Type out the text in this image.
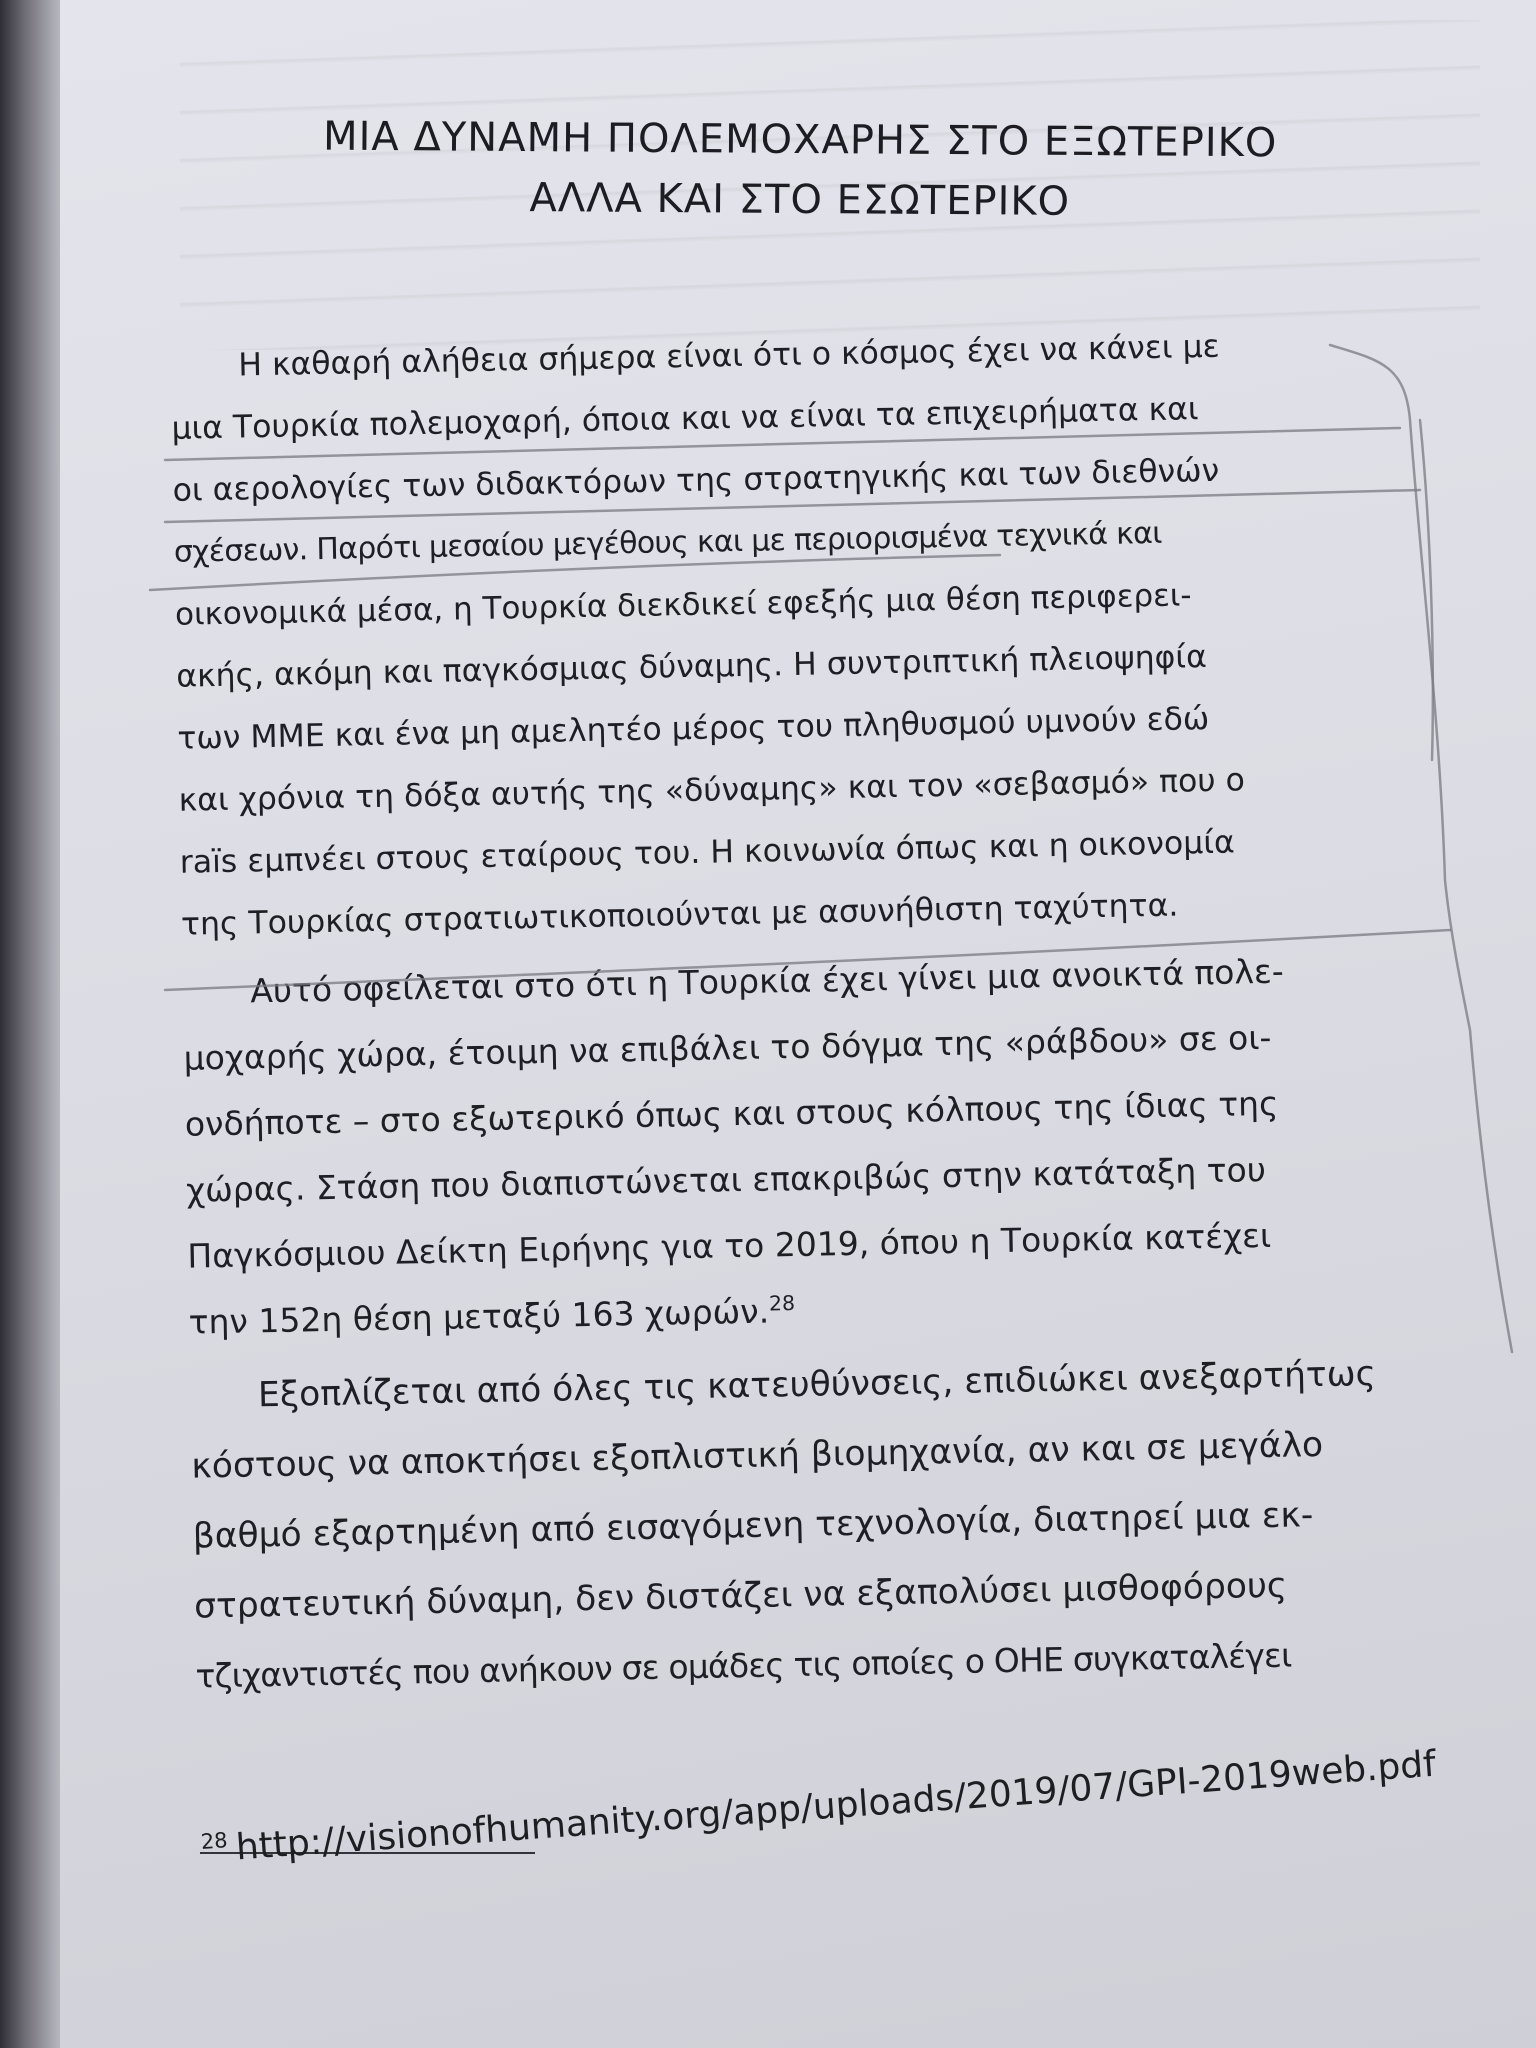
ΜΙΑ ΔΥΝΑΜΗ ΠΟΛΕΜΟΧΑΡΗΣ ΣΤΟ ΕΞΩΤΕΡΙΚΟ
ΑΛΛΑ ΚΑΙ ΣΤΟ ΕΣΩΤΕΡΙΚΟ
Η καθαρή αλήθεια σήμερα είναι ότι ο κόσμος έχει να κάνει με
μια Τουρκία πολεμοχαρή, όποια και να είναι τα επιχειρήματα και
οι αερολογίες των διδακτόρων της στρατηγικής και των διεθνών
σχέσεων. Παρότι μεσαίου μεγέθους και με περιορισμένα τεχνικά και
οικονομικά μέσα, η Τουρκία διεκδικεί εφεξής μια θέση περιφερει-
ακής, ακόμη και παγκόσμιας δύναμης. Η συντριπτική πλειοψηφία
των ΜΜΕ και ένα μη αμελητέο μέρος του πληθυσμού υμνούν εδώ
και χρόνια τη δόξα αυτής της «δύναμης» και τον «σεβασμό» που ο
raïs εμπνέει στους εταίρους του. Η κοινωνία όπως και η οικονομία
της Τουρκίας στρατιωτικοποιούνται με ασυνήθιστη ταχύτητα.
Αυτό οφείλεται στο ότι η Τουρκία έχει γίνει μια ανοικτά πολε-
μοχαρής χώρα, έτοιμη να επιβάλει το δόγμα της «ράβδου» σε οι-
ονδήποτε – στο εξωτερικό όπως και στους κόλπους της ίδιας της
χώρας. Στάση που διαπιστώνεται επακριβώς στην κατάταξη του
Παγκόσμιου Δείκτη Ειρήνης για το 2019, όπου η Τουρκία κατέχει
την 152η θέση μεταξύ 163 χωρών.$^{28}$
Εξοπλίζεται από όλες τις κατευθύνσεις, επιδιώκει ανεξαρτήτως
κόστους να αποκτήσει εξοπλιστική βιομηχανία, αν και σε μεγάλο
βαθμό εξαρτημένη από εισαγόμενη τεχνολογία, διατηρεί μια εκ-
στρατευτική δύναμη, δεν διστάζει να εξαπολύσει μισθοφόρους
τζιχαντιστές που ανήκουν σε ομάδες τις οποίες ο ΟΗΕ συγκαταλέγει
$^{28}$ http://visionofhumanity.org/app/uploads/2019/07/GPI-2019web.pdf
